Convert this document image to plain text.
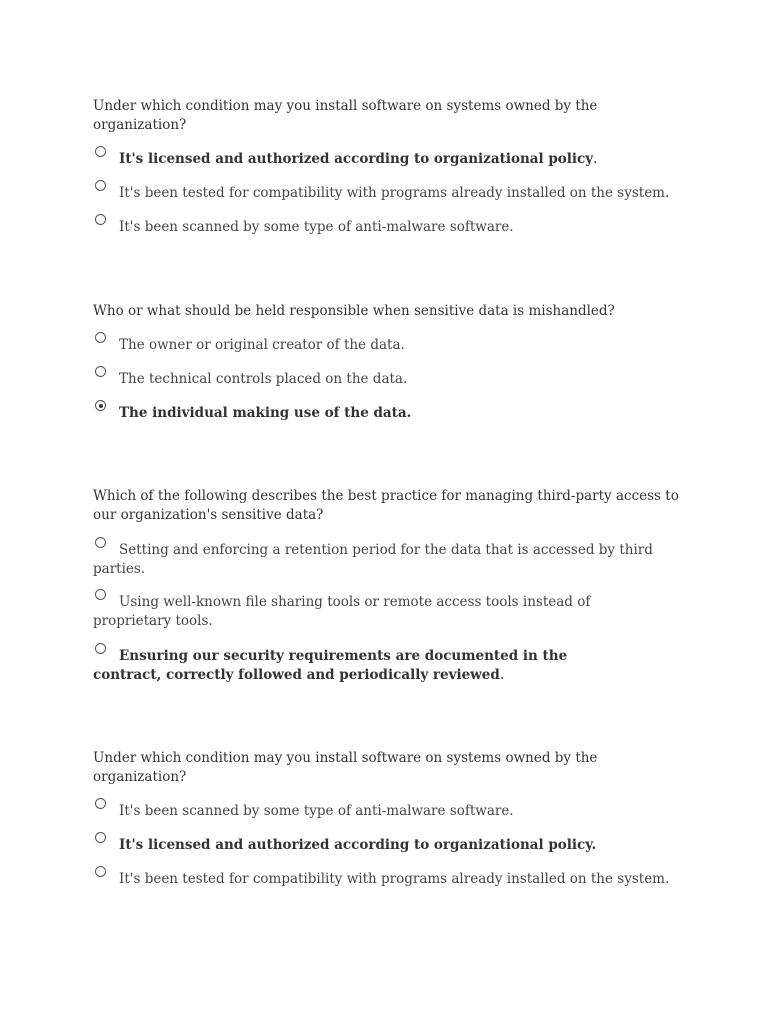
Under which condition may you install software on systems owned by the organization?

It's licensed and authorized according to organizational policy.
It's been tested for compatibility with programs already installed on the system.
It's been scanned by some type of anti-malware software.

Who or what should be held responsible when sensitive data is mishandled?

The owner or original creator of the data.
The technical controls placed on the data.
The individual making use of the data.

Which of the following describes the best practice for managing third-party access to our organization's sensitive data?

Setting and enforcing a retention period for the data that is accessed by third parties.
Using well-known file sharing tools or remote access tools instead of proprietary tools.
Ensuring our security requirements are documented in the contract, correctly followed and periodically reviewed.

Under which condition may you install software on systems owned by the organization?

It's been scanned by some type of anti-malware software.
It's licensed and authorized according to organizational policy.
It's been tested for compatibility with programs already installed on the system.
